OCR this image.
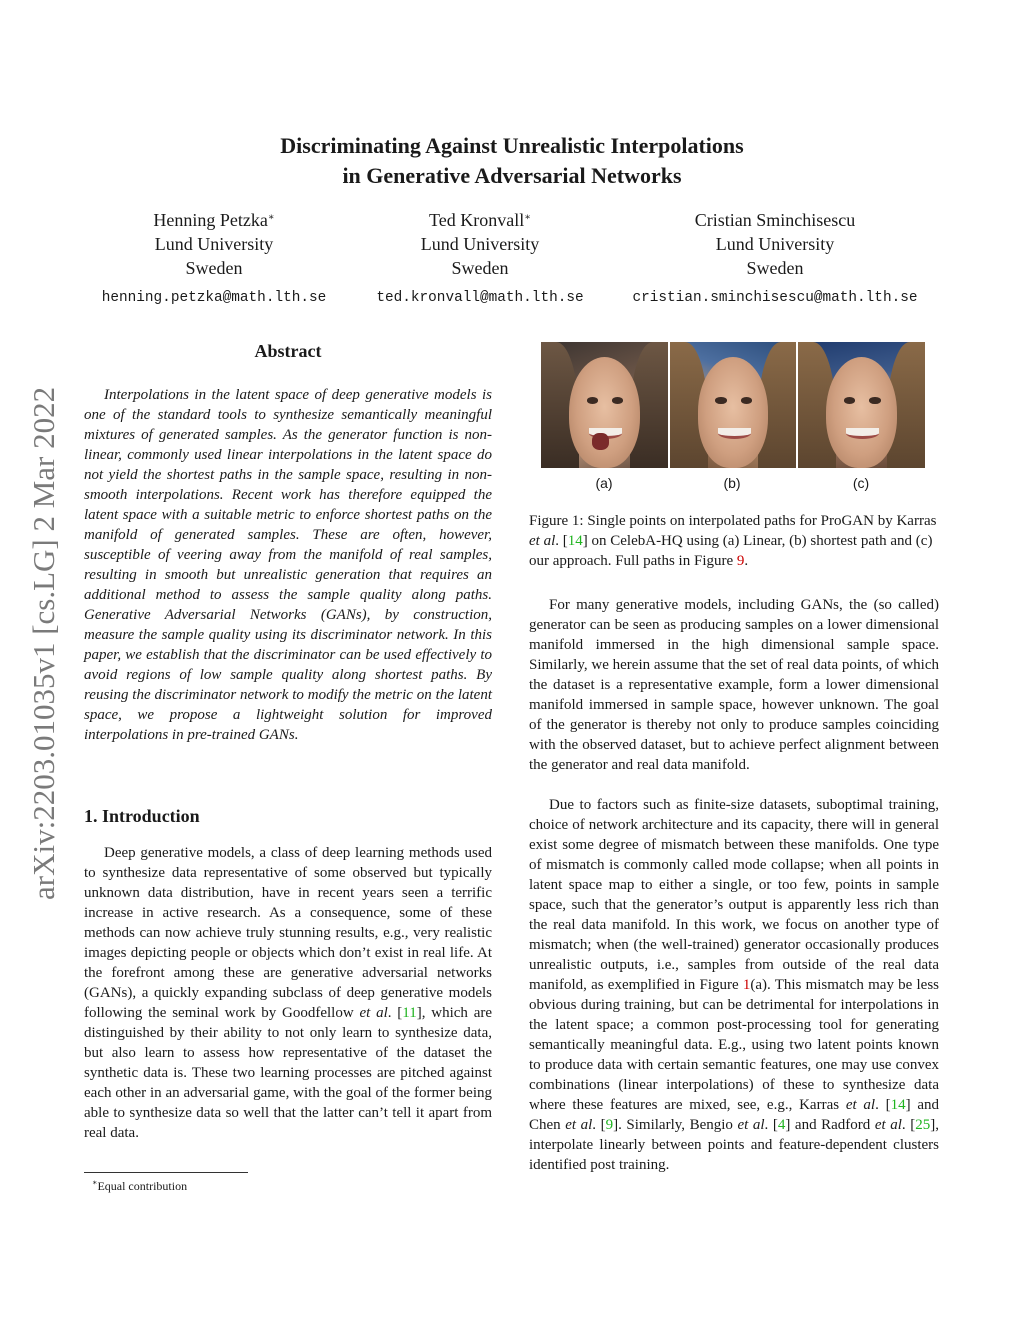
arXiv:2203.01035v1 [cs.LG] 2 Mar 2022
Discriminating Against Unrealistic Interpolations
in Generative Adversarial Networks
Henning Petzka∗
Lund University
Sweden
henning.petzka@math.lth.se
Ted Kronvall∗
Lund University
Sweden
ted.kronvall@math.lth.se
Cristian Sminchisescu
Lund University
Sweden
cristian.sminchisescu@math.lth.se
Abstract

Interpolations in the latent space of deep generative models is one of the standard tools to synthesize semantically meaningful mixtures of generated samples. As the generator function is non-linear, commonly used linear interpolations in the latent space do not yield the shortest paths in the sample space, resulting in non-smooth interpolations. Recent work has therefore equipped the latent space with a suitable metric to enforce shortest paths on the manifold of generated samples. These are often, however, susceptible of veering away from the manifold of real samples, resulting in smooth but unrealistic generation that requires an additional method to assess the sample quality along paths. Generative Adversarial Networks (GANs), by construction, measure the sample quality using its discriminator network. In this paper, we establish that the discriminator can be used effectively to avoid regions of low sample quality along shortest paths. By reusing the discriminator network to modify the metric on the latent space, we propose a lightweight solution for improved interpolations in pre-trained GANs.

1. Introduction

Deep generative models, a class of deep learning methods used to synthesize data representative of some observed but typically unknown data distribution, have in recent years seen a terrific increase in active research. As a consequence, some of these methods can now achieve truly stunning results, e.g., very realistic images depicting people or objects which don’t exist in real life. At the forefront among these are generative adversarial networks (GANs), a quickly expanding subclass of deep generative models following the seminal work by Goodfellow et al. [11], which are distinguished by their ability to not only learn to synthesize data, but also learn to assess how representative of the dataset the synthetic data is. These two learning processes are pitched against each other in an adversarial game, with the goal of the former being able to synthesize data so well that the latter can’t tell it apart from real data.

∗Equal contribution
(a)	(b)	(c)

Figure 1: Single points on interpolated paths for ProGAN by Karras et al. [14] on CelebA-HQ using (a) Linear, (b) shortest path and (c) our approach. Full paths in Figure 9.

For many generative models, including GANs, the (so called) generator can be seen as producing samples on a lower dimensional manifold immersed in the high dimensional sample space. Similarly, we herein assume that the set of real data points, of which the dataset is a representative example, form a lower dimensional manifold immersed in sample space, however unknown. The goal of the generator is thereby not only to produce samples coinciding with the observed dataset, but to achieve perfect alignment between the generator and real data manifold.

Due to factors such as finite-size datasets, suboptimal training, choice of network architecture and its capacity, there will in general exist some degree of mismatch between these manifolds. One type of mismatch is commonly called mode collapse; when all points in latent space map to either a single, or too few, points in sample space, such that the generator’s output is apparently less rich than the real data manifold. In this work, we focus on another type of mismatch; when (the well-trained) generator occasionally produces unrealistic outputs, i.e., samples from outside of the real data manifold, as exemplified in Figure 1(a). This mismatch may be less obvious during training, but can be detrimental for interpolations in the latent space; a common post-processing tool for generating semantically meaningful data. E.g., using two latent points known to produce data with certain semantic features, one may use convex combinations (linear interpolations) of these to synthesize data where these features are mixed, see, e.g., Karras et al. [14] and Chen et al. [9]. Similarly, Bengio et al. [4] and Radford et al. [25], interpolate linearly between points and feature-dependent clusters identified post training.
